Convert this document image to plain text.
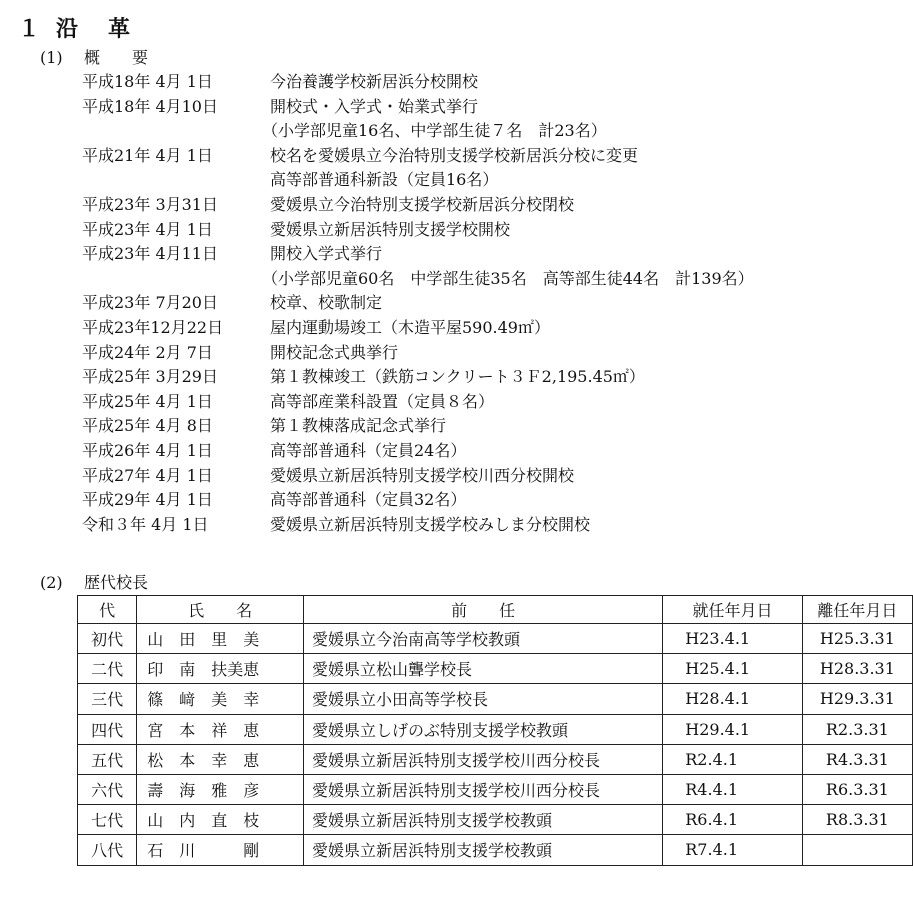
１ 沿 革
(1) 概　　要
平成18年 4月 1日	今治養護学校新居浜分校開校
平成18年 4月10日	開校式・入学式・始業式挙行
（小学部児童16名、中学部生徒７名　計23名）
平成21年 4月 1日	校名を愛媛県立今治特別支援学校新居浜分校に変更
高等部普通科新設（定員16名）
平成23年 3月31日	愛媛県立今治特別支援学校新居浜分校閉校
平成23年 4月 1日	愛媛県立新居浜特別支援学校開校
平成23年 4月11日	開校入学式挙行
（小学部児童60名　中学部生徒35名　高等部生徒44名　計139名）
平成23年 7月20日	校章、校歌制定
平成23年12月22日	屋内運動場竣工（木造平屋590.49㎡）
平成24年 2月 7日	開校記念式典挙行
平成25年 3月29日	第１教棟竣工（鉄筋コンクリート３Ｆ2,195.45㎡）
平成25年 4月 1日	高等部産業科設置（定員８名）
平成25年 4月 8日	第１教棟落成記念式挙行
平成26年 4月 1日	高等部普通科（定員24名）
平成27年 4月 1日	愛媛県立新居浜特別支援学校川西分校開校
平成29年 4月 1日	高等部普通科（定員32名）
令和３年 4月 1日	愛媛県立新居浜特別支援学校みしま分校開校
(2) 歴代校長
代	氏　　名	前　　任	就任年月日	離任年月日
初代	山　田　里　美	愛媛県立今治南高等学校教頭	H23.4.1	H25.3.31
二代	印　南　扶美恵	愛媛県立松山聾学校長	H25.4.1	H28.3.31
三代	篠　﨑　美　幸	愛媛県立小田高等学校長	H28.4.1	H29.3.31
四代	宮　本　祥　恵	愛媛県立しげのぶ特別支援学校教頭	H29.4.1	R2.3.31
五代	松　本　幸　恵	愛媛県立新居浜特別支援学校川西分校長	R2.4.1	R4.3.31
六代	壽　海　雅　彦	愛媛県立新居浜特別支援学校川西分校長	R4.4.1	R6.3.31
七代	山　内　直　枝	愛媛県立新居浜特別支援学校教頭	R6.4.1	R8.3.31
八代	石　川　　　剛	愛媛県立新居浜特別支援学校教頭	R7.4.1	
